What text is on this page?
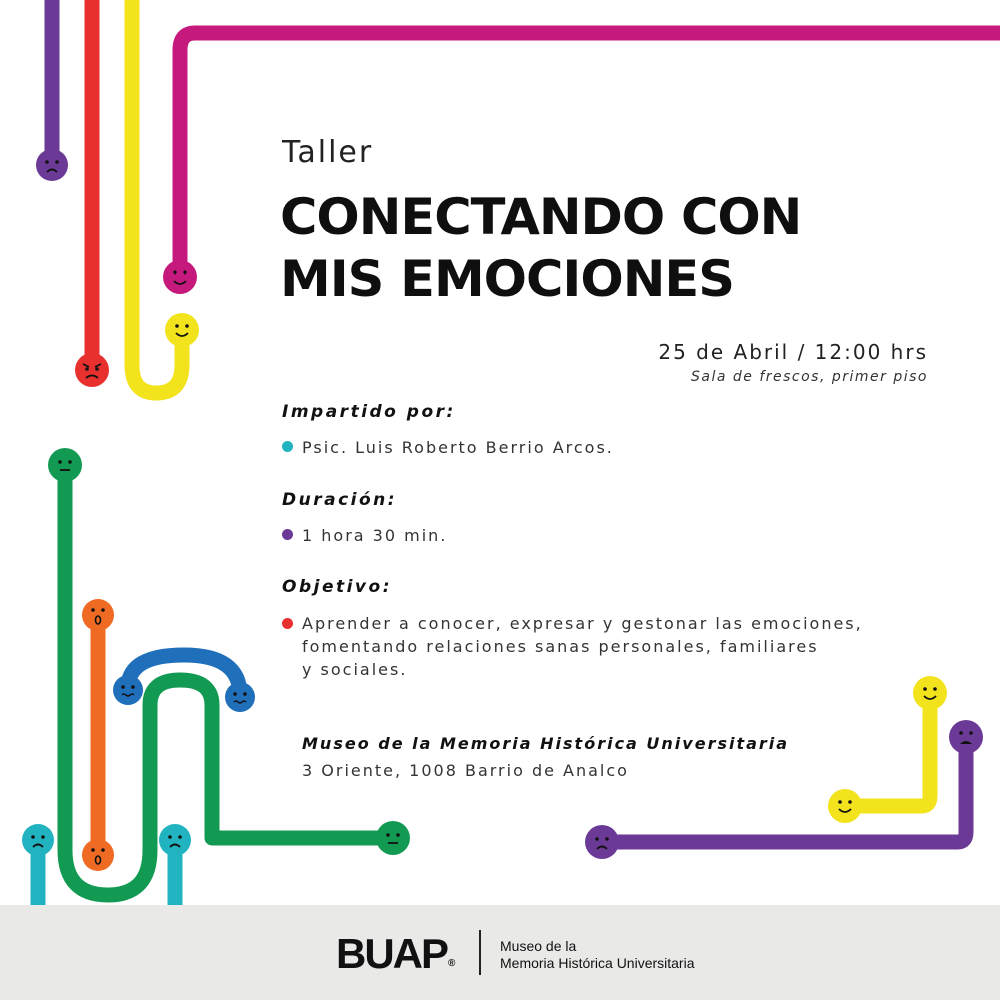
Taller
CONECTANDO CON
MIS EMOCIONES
25 de Abril / 12:00 hrs
Sala de frescos, primer piso
Impartido por:
Psic. Luis Roberto Berrio Arcos.
Duración:
1 hora 30 min.
Objetivo:
Aprender a conocer, expresar y gestonar las emociones,
fomentando relaciones sanas personales, familiares
y sociales.
Museo de la Memoria Histórica Universitaria
3 Oriente, 1008 Barrio de Analco
BUAP®
Museo de la
Memoria Histórica Universitaria
